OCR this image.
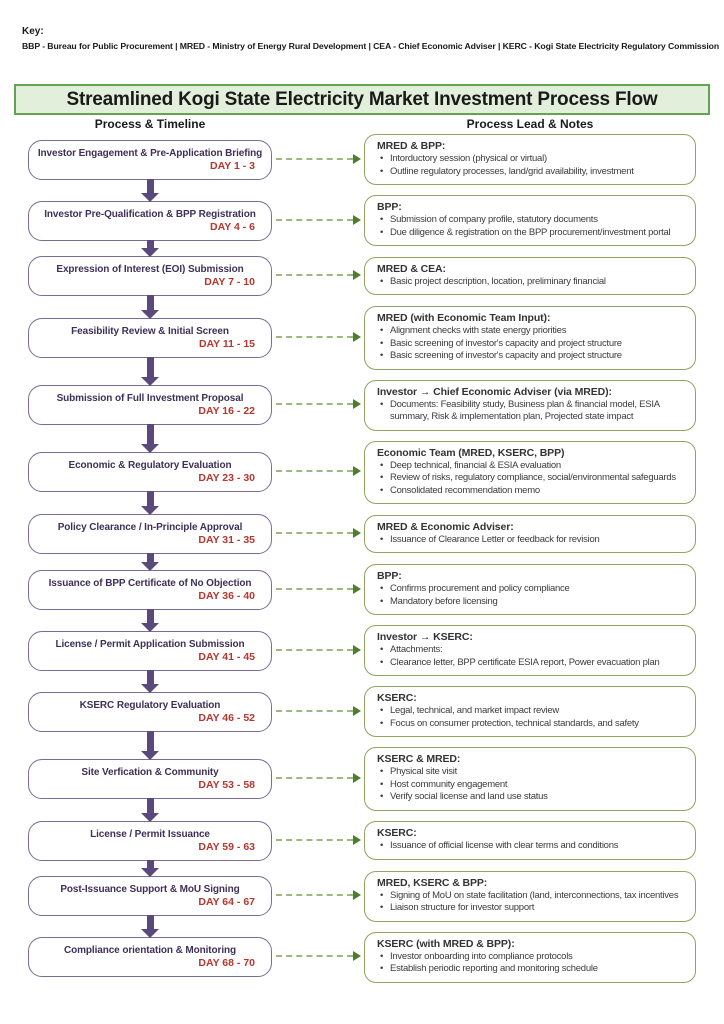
Key:
BBP - Bureau for Public Procurement | MRED - Ministry of Energy Rural Development | CEA - Chief Economic Adviser | KERC - Kogi State Electricity Regulatory Commission
Streamlined Kogi State Electricity Market Investment Process Flow
Process & Timeline	Process Lead & Notes
Investor Engagement & Pre-Application Briefing
DAY 1 - 3
MRED & BPP:
• Intorductory session (physical or virtual)
• Outline regulatory processes, land/grid availability, investment
Investor Pre-Qualification & BPP Registration
DAY 4 - 6
BPP:
• Submission of company profile, statutory documents
• Due diligence & registration on the BPP procurement/investment portal
Expression of Interest (EOI) Submission
DAY 7 - 10
MRED & CEA:
• Basic project description, location, preliminary financial
Feasibility Review & Initial Screen
DAY 11 - 15
MRED (with Economic Team Input):
• Alignment checks with state energy priorities
• Basic screening of investor's capacity and project structure
• Basic screening of investor's capacity and project structure
Submission of Full Investment Proposal
DAY 16 - 22
Investor → Chief Economic Adviser (via MRED):
• Documents: Feasibility study, Business plan & financial model, ESIA summary, Risk & implementation plan, Projected state impact
Economic & Regulatory Evaluation
DAY 23 - 30
Economic Team (MRED, KSERC, BPP)
• Deep technical, financial & ESIA evaluation
• Review of risks, regulatory compliance, social/environmental safeguards
• Consolidated recommendation memo
Policy Clearance / In-Principle Approval
DAY 31 - 35
MRED & Economic Adviser:
• Issuance of Clearance Letter or feedback for revision
Issuance of BPP Certificate of No Objection
DAY 36 - 40
BPP:
• Confirms procurement and policy compliance
• Mandatory before licensing
License / Permit Application Submission
DAY 41 - 45
Investor → KSERC:
• Attachments:
• Clearance letter, BPP certificate ESIA report, Power evacuation plan
KSERC Regulatory Evaluation
DAY 46 - 52
KSERC:
• Legal, technical, and market impact review
• Focus on consumer protection, technical standards, and safety
Site Verfication & Community
DAY 53 - 58
KSERC & MRED:
• Physical site visit
• Host community engagement
• Verify social license and land use status
License / Permit Issuance
DAY 59 - 63
KSERC:
• Issuance of official license with clear terms and conditions
Post-Issuance Support & MoU Signing
DAY 64 - 67
MRED, KSERC & BPP:
• Signing of MoU on state facilitation (land, interconnections, tax incentives
• Liaison structure for investor support
Compliance orientation & Monitoring
DAY 68 - 70
KSERC (with MRED & BPP):
• Investor onboarding into compliance protocols
• Establish periodic reporting and monitoring schedule
